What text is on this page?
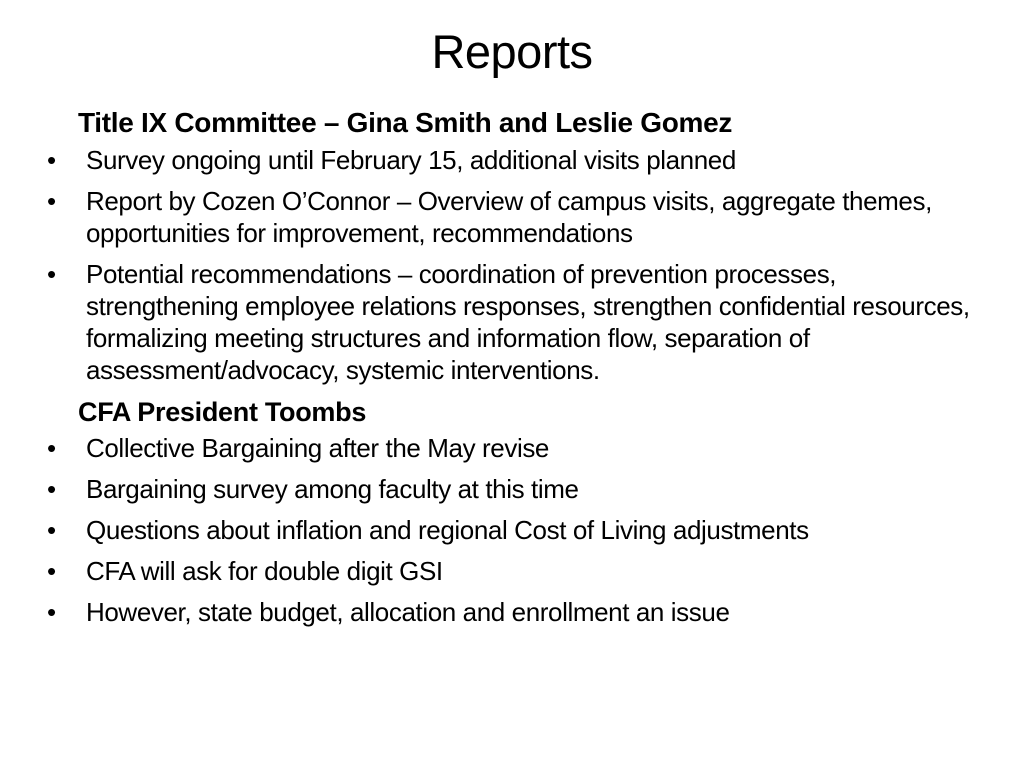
Reports
Title IX Committee – Gina Smith and Leslie Gomez
• Survey ongoing until February 15, additional visits planned
• Report by Cozen O’Connor – Overview of campus visits, aggregate themes, opportunities for improvement, recommendations
• Potential recommendations – coordination of prevention processes, strengthening employee relations responses, strengthen confidential resources, formalizing meeting structures and information flow, separation of assessment/advocacy, systemic interventions.
CFA President Toombs
• Collective Bargaining after the May revise
• Bargaining survey among faculty at this time
• Questions about inflation and regional Cost of Living adjustments
• CFA will ask for double digit GSI
• However, state budget, allocation and enrollment an issue
